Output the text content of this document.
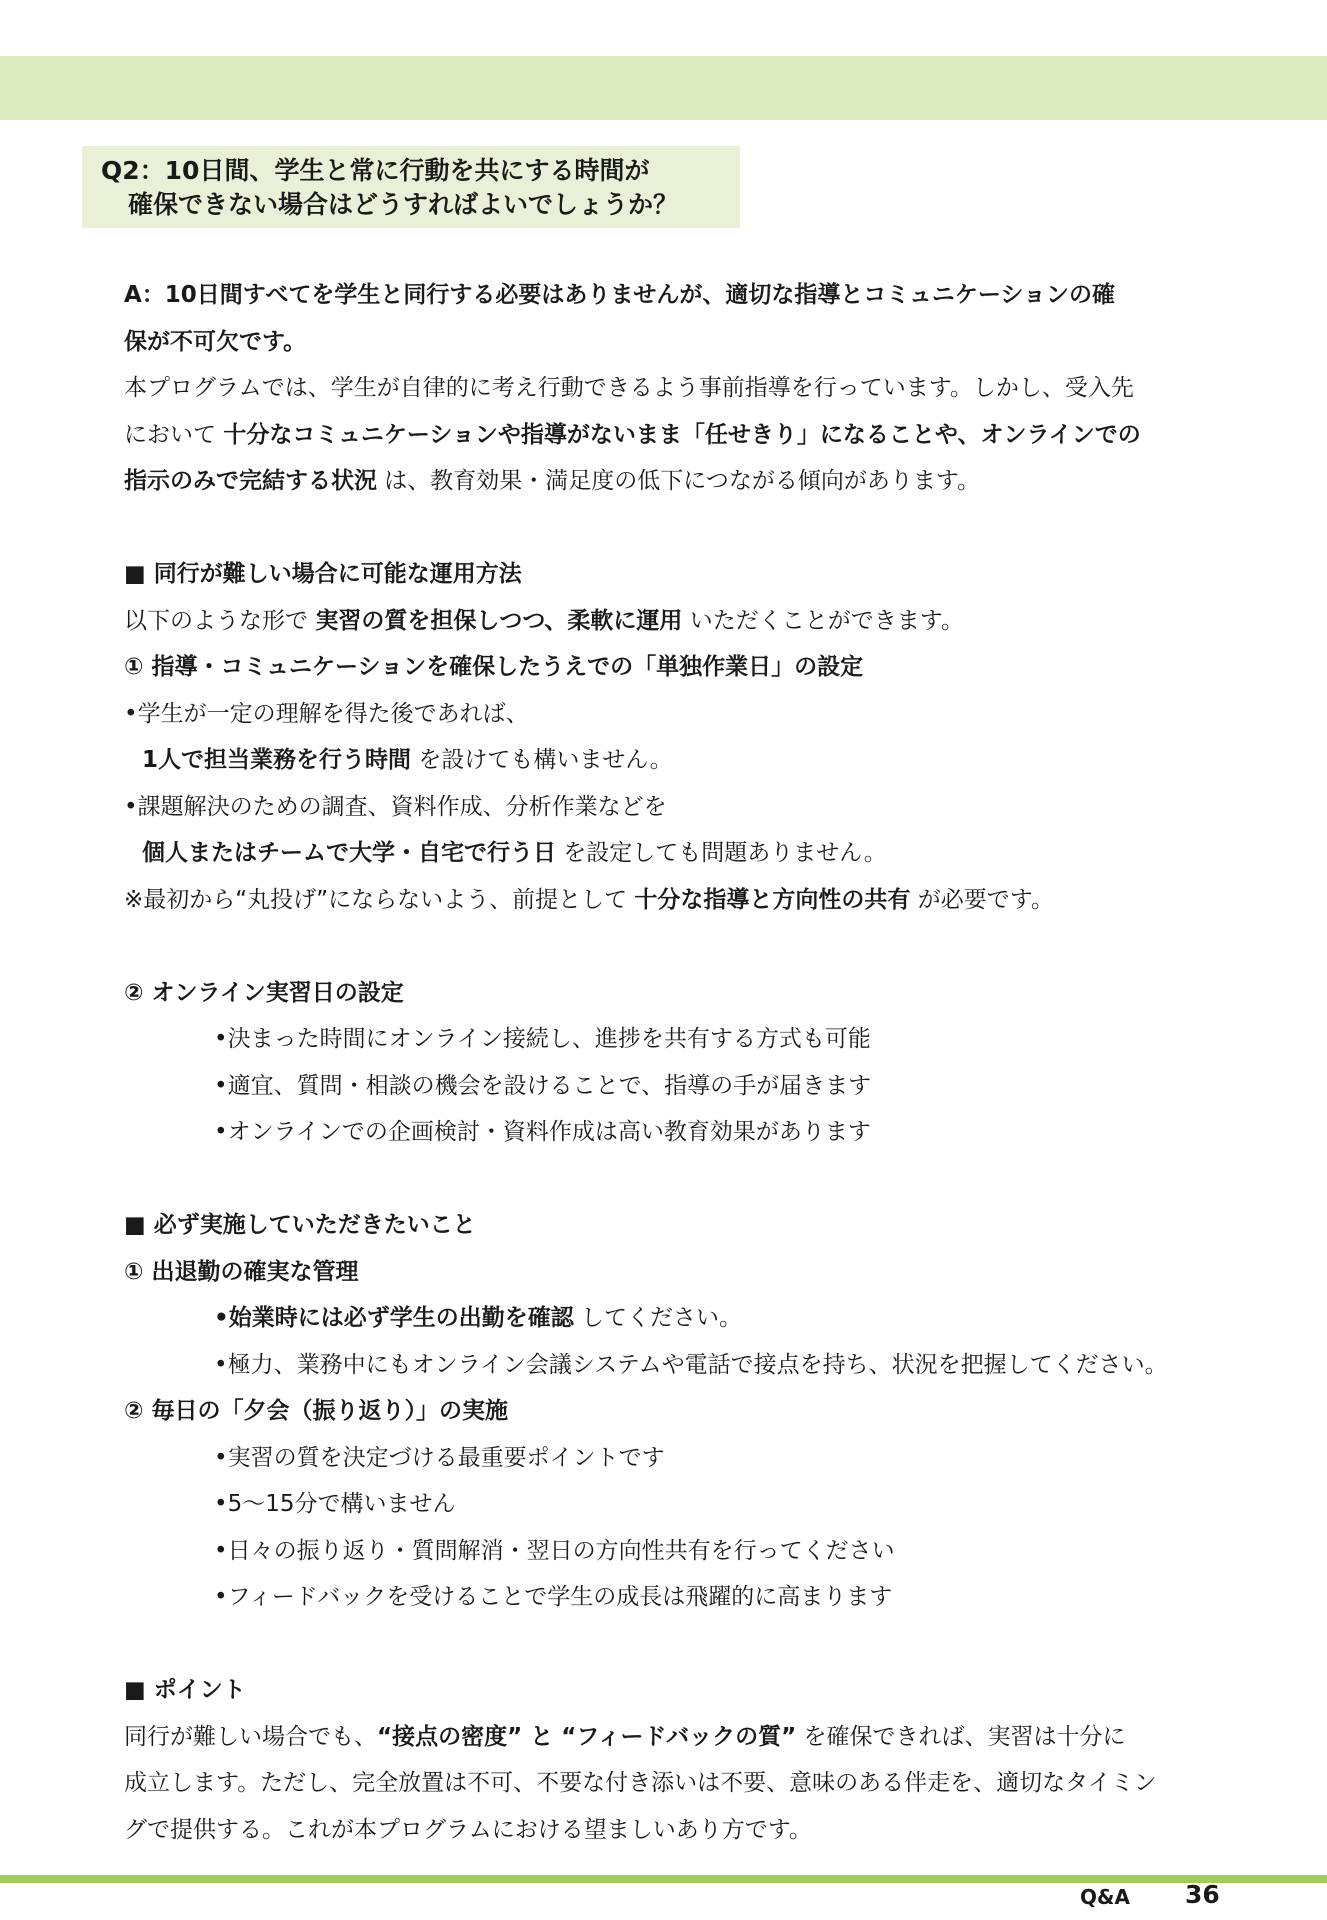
Q2：10日間、学生と常に行動を共にする時間が
確保できない場合はどうすればよいでしょうか？
A：10日間すべてを学生と同行する必要はありませんが、適切な指導とコミュニケーションの確
保が不可欠です。
本プログラムでは、学生が自律的に考え行動できるよう事前指導を行っています。しかし、受入先
において 十分なコミュニケーションや指導がないまま「任せきり」になることや、オンラインでの
指示のみで完結する状況 は、教育効果・満足度の低下につながる傾向があります。
■ 同行が難しい場合に可能な運用方法
以下のような形で 実習の質を担保しつつ、柔軟に運用 いただくことができます。
① 指導・コミュニケーションを確保したうえでの「単独作業日」の設定
•学生が一定の理解を得た後であれば、
1人で担当業務を行う時間 を設けても構いません。
•課題解決のための調査、資料作成、分析作業などを
個人またはチームで大学・自宅で行う日 を設定しても問題ありません。
※最初から“丸投げ”にならないよう、前提として 十分な指導と方向性の共有 が必要です。
② オンライン実習日の設定
•決まった時間にオンライン接続し、進捗を共有する方式も可能
•適宜、質問・相談の機会を設けることで、指導の手が届きます
•オンラインでの企画検討・資料作成は高い教育効果があります
■ 必ず実施していただきたいこと
① 出退勤の確実な管理
•始業時には必ず学生の出勤を確認 してください。
•極力、業務中にもオンライン会議システムや電話で接点を持ち、状況を把握してください。
② 毎日の「夕会（振り返り）」の実施
•実習の質を決定づける最重要ポイントです
•5～15分で構いません
•日々の振り返り・質問解消・翌日の方向性共有を行ってください
•フィードバックを受けることで学生の成長は飛躍的に高まります
■ ポイント
同行が難しい場合でも、“接点の密度” と “フィードバックの質” を確保できれば、実習は十分に
成立します。ただし、完全放置は不可、不要な付き添いは不要、意味のある伴走を、適切なタイミン
グで提供する。これが本プログラムにおける望ましいあり方です。
Q&A 36
